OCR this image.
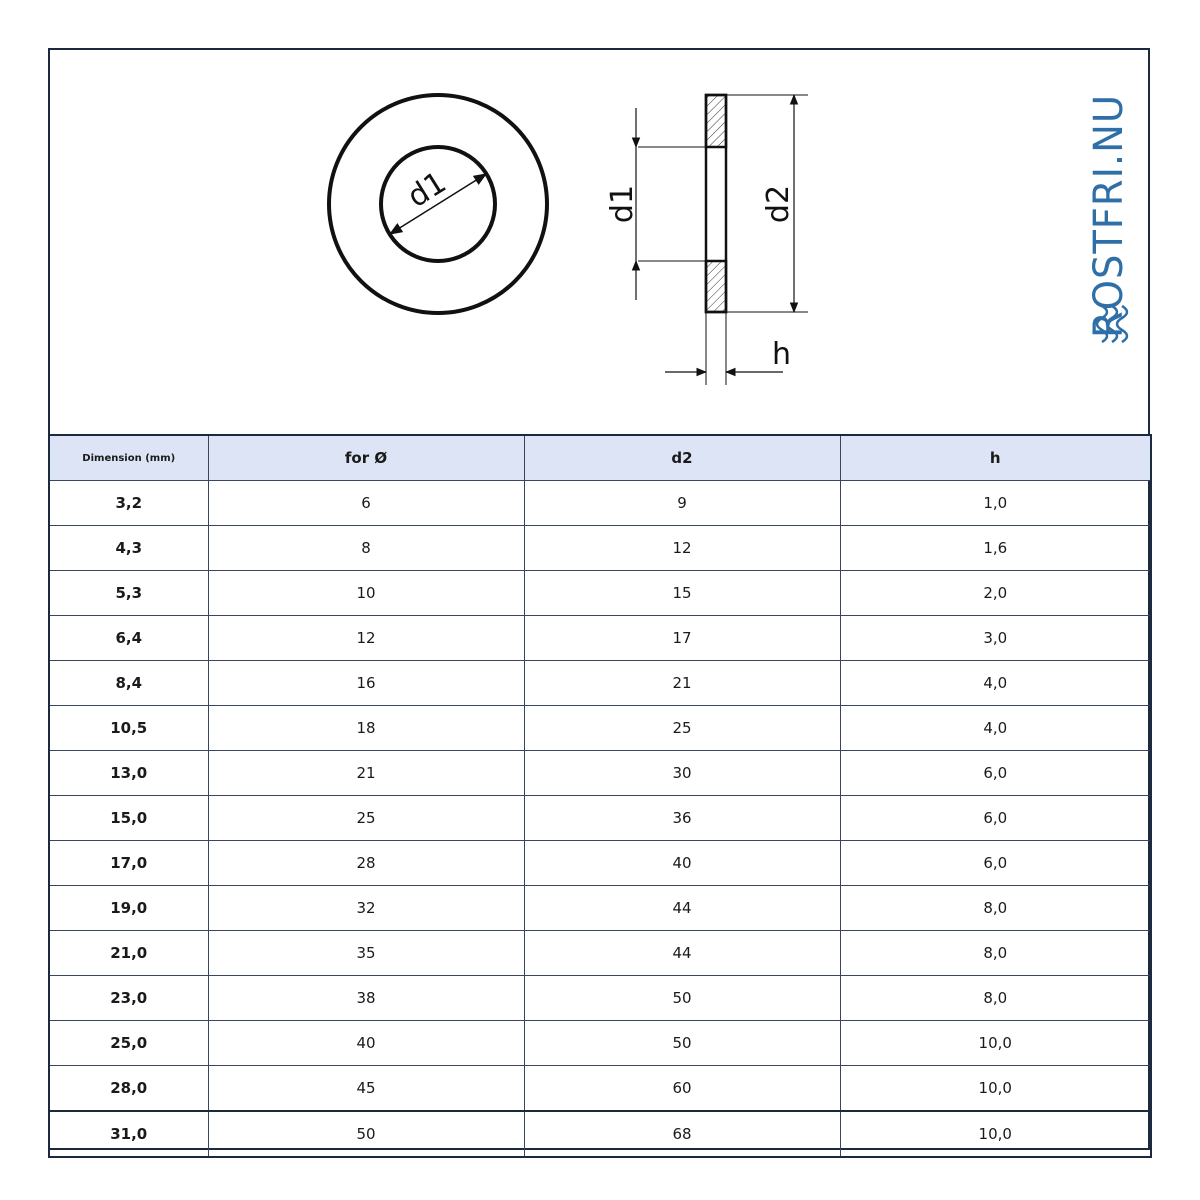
d1	d1	d2
h
ROSTFRI.NU
Dimension (mm)	for Ø	d2	h
3,2	6	9	1,0
4,3	8	12	1,6
5,3	10	15	2,0
6,4	12	17	3,0
8,4	16	21	4,0
10,5	18	25	4,0
13,0	21	30	6,0
15,0	25	36	6,0
17,0	28	40	6,0
19,0	32	44	8,0
21,0	35	44	8,0
23,0	38	50	8,0
25,0	40	50	10,0
28,0	45	60	10,0
31,0	50	68	10,0
